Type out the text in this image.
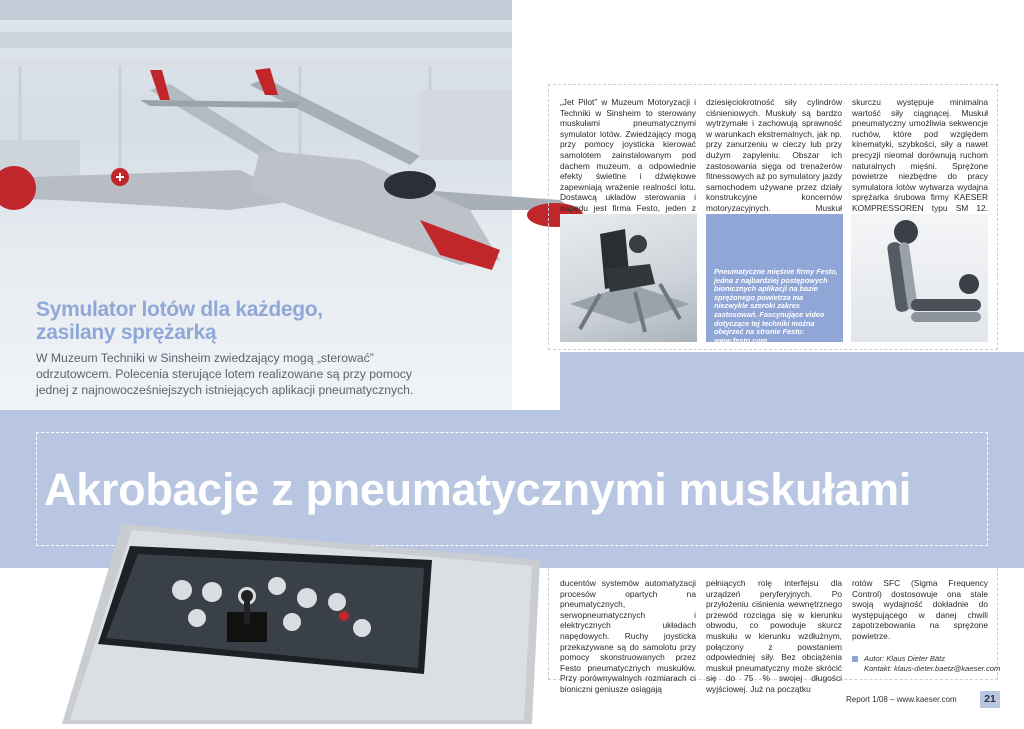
Symulator lotów dla każdego,
zasilany sprężarką
W Muzeum Techniki w Sinsheim zwiedzający mogą „sterować” odrzutowcem. Polecenia sterujące lotem realizowane są przy pomocy jednej z najnowocześniejszych istniejących aplikacji pneumatycznych.
„Jet Pilot” w Muzeum Motoryzacji i Techniki w Sinsheim to sterowany muskułami pneumatycznymi symulator lotów. Zwiedzający mogą przy pomocy joysticka kierować samolotem zainstalowanym pod dachem muzeum, a odpowiednie efekty świetlne i dźwiękowe zapewniają wrażenie realności lotu. Dostawcą układów sterowania i napędu jest firma Festo, jeden z
dziesięciokrotność siły cylindrów ciśnieniowych. Muskuły są bardzo wytrzymałe i zachowują sprawność w warunkach ekstremalnych, jak np. przy zanurzeniu w cieczy lub przy dużym zapyleniu. Obszar ich zastosowania sięga od trenażerów fitnessowych aż po symulatory jazdy samochodem używane przez działy konstrukcyjne koncernów motoryzacyjnych. Muskuł
skurczu występuje minimalna wartość siły ciągnącej. Muskuł pneumatyczny umożliwia sekwencje ruchów, które pod względem kinematyki, szybkości, siły a nawet precyzji nieomal dorównują ruchom naturalnych mięśni. Sprężone powietrze niezbędne do pracy symulatora lotów wytwarza wydajna sprężarka śrubowa firmy KAESER KOMPRESSOREN typu SM 12.
Pneumatyczne mięśnie firmy Festo, jedna z najbardziej postępowych bionicznych aplikacji na bazie sprężonego powietrza ma niezwykle szeroki zakres zastosowań. Fascynujące video dotyczące tej techniki można obejrzeć na stronie Festo: www.festo.com
Akrobacje z pneumatycznymi muskułami
ducentów systemów automatyzacji procesów opartych na pneumatycznych, serwopneumatycznych i elektrycznych układach napędowych. Ruchy joysticka przekazywane są do samolotu przy pomocy skonstruowanych przez Festo pneumatycznych muskułów. Przy porównywalnych rozmiarach ci bioniczni geniusze osiągają
pełniących rolę interfejsu dla urządzeń peryferyjnych. Po przyłożeniu ciśnienia wewnętrznego przewód rozciąga się w kierunku obwodu, co powoduje skurcz muskułu w kierunku wzdłużnym, połączony z powstaniem odpowiedniej siły. Bez obciążenia muskuł pneumatyczny może skrócić się do 75 % swojej długości wyjściowej. Już na początku
rotów SFC (Sigma Frequency Control) dostosowuje ona stale swoją wydajność dokładnie do występującego w danej chwili zapotrzebowania na sprężone powietrze.
Autor: Klaus Dieter Bätz
Kontakt: klaus-dieter.baetz@kaeser.com
Report 1/08 – www.kaeser.com	21
